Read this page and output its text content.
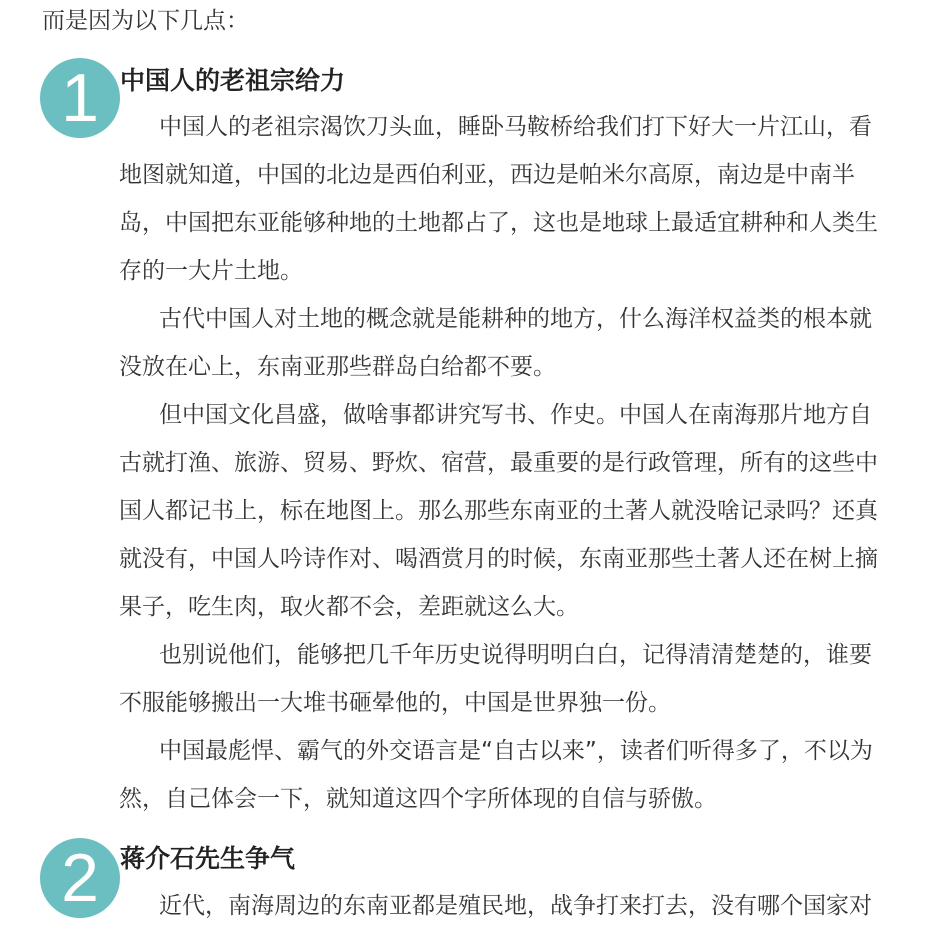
而是因为以下几点：
1 中国人的老祖宗给力
中国人的老祖宗渴饮刀头血，睡卧马鞍桥给我们打下好大一片江山，看
地图就知道，中国的北边是西伯利亚，西边是帕米尔高原，南边是中南半
岛，中国把东亚能够种地的土地都占了，这也是地球上最适宜耕种和人类生
存的一大片土地。
古代中国人对土地的概念就是能耕种的地方，什么海洋权益类的根本就
没放在心上，东南亚那些群岛白给都不要。
但中国文化昌盛，做啥事都讲究写书、作史。中国人在南海那片地方自
古就打渔、旅游、贸易、野炊、宿营，最重要的是行政管理，所有的这些中
国人都记书上，标在地图上。那么那些东南亚的土著人就没啥记录吗？还真
就没有，中国人吟诗作对、喝酒赏月的时候，东南亚那些土著人还在树上摘
果子，吃生肉，取火都不会，差距就这么大。
也别说他们，能够把几千年历史说得明明白白，记得清清楚楚的，谁要
不服能够搬出一大堆书砸晕他的，中国是世界独一份。
中国最彪悍、霸气的外交语言是“自古以来”，读者们听得多了，不以为
然，自己体会一下，就知道这四个字所体现的自信与骄傲。
2 蒋介石先生争气
近代，南海周边的东南亚都是殖民地，战争打来打去，没有哪个国家对
